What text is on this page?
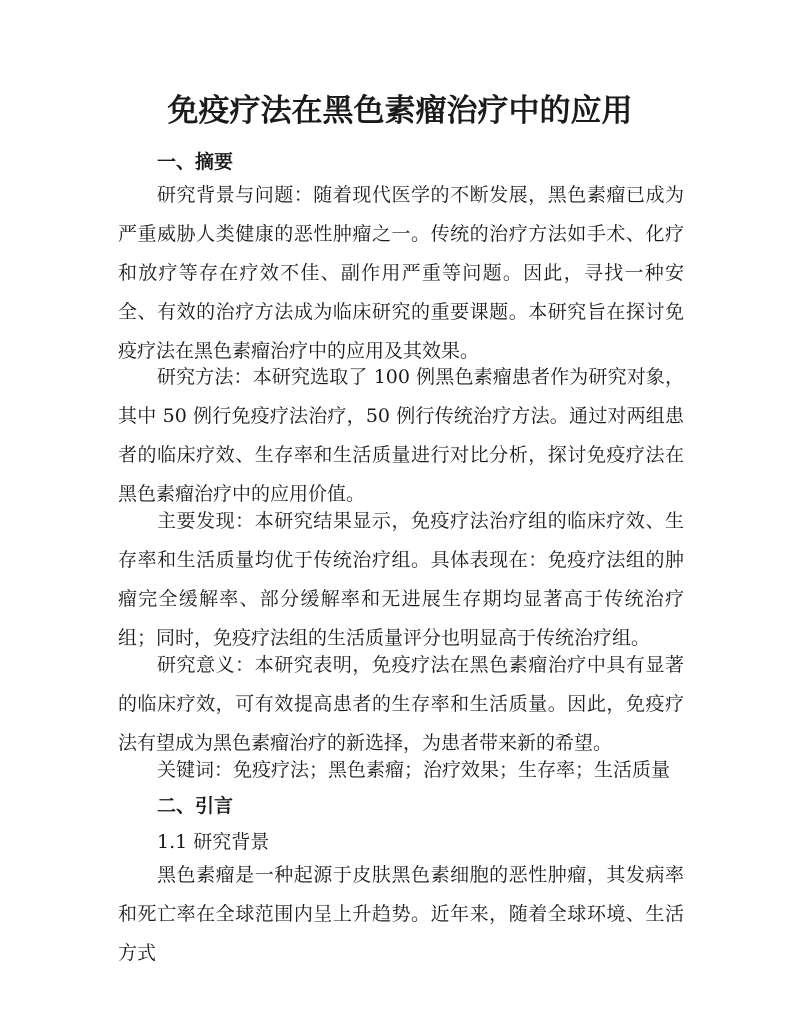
免疫疗法在黑色素瘤治疗中的应用
一、摘要

研究背景与问题：随着现代医学的不断发展，黑色素瘤已成为严重威胁人类健康的恶性肿瘤之一。传统的治疗方法如手术、化疗和放疗等存在疗效不佳、副作用严重等问题。因此，寻找一种安全、有效的治疗方法成为临床研究的重要课题。本研究旨在探讨免疫疗法在黑色素瘤治疗中的应用及其效果。

研究方法：本研究选取了 100 例黑色素瘤患者作为研究对象，其中 50 例行免疫疗法治疗，50 例行传统治疗方法。通过对两组患者的临床疗效、生存率和生活质量进行对比分析，探讨免疫疗法在黑色素瘤治疗中的应用价值。

主要发现：本研究结果显示，免疫疗法治疗组的临床疗效、生存率和生活质量均优于传统治疗组。具体表现在：免疫疗法组的肿瘤完全缓解率、部分缓解率和无进展生存期均显著高于传统治疗组；同时，免疫疗法组的生活质量评分也明显高于传统治疗组。

研究意义：本研究表明，免疫疗法在黑色素瘤治疗中具有显著的临床疗效，可有效提高患者的生存率和生活质量。因此，免疫疗法有望成为黑色素瘤治疗的新选择，为患者带来新的希望。

关键词：免疫疗法；黑色素瘤；治疗效果；生存率；生活质量
二、引言
1.1 研究背景

黑色素瘤是一种起源于皮肤黑色素细胞的恶性肿瘤，其发病率和死亡率在全球范围内呈上升趋势。近年来，随着全球环境、生活方式
